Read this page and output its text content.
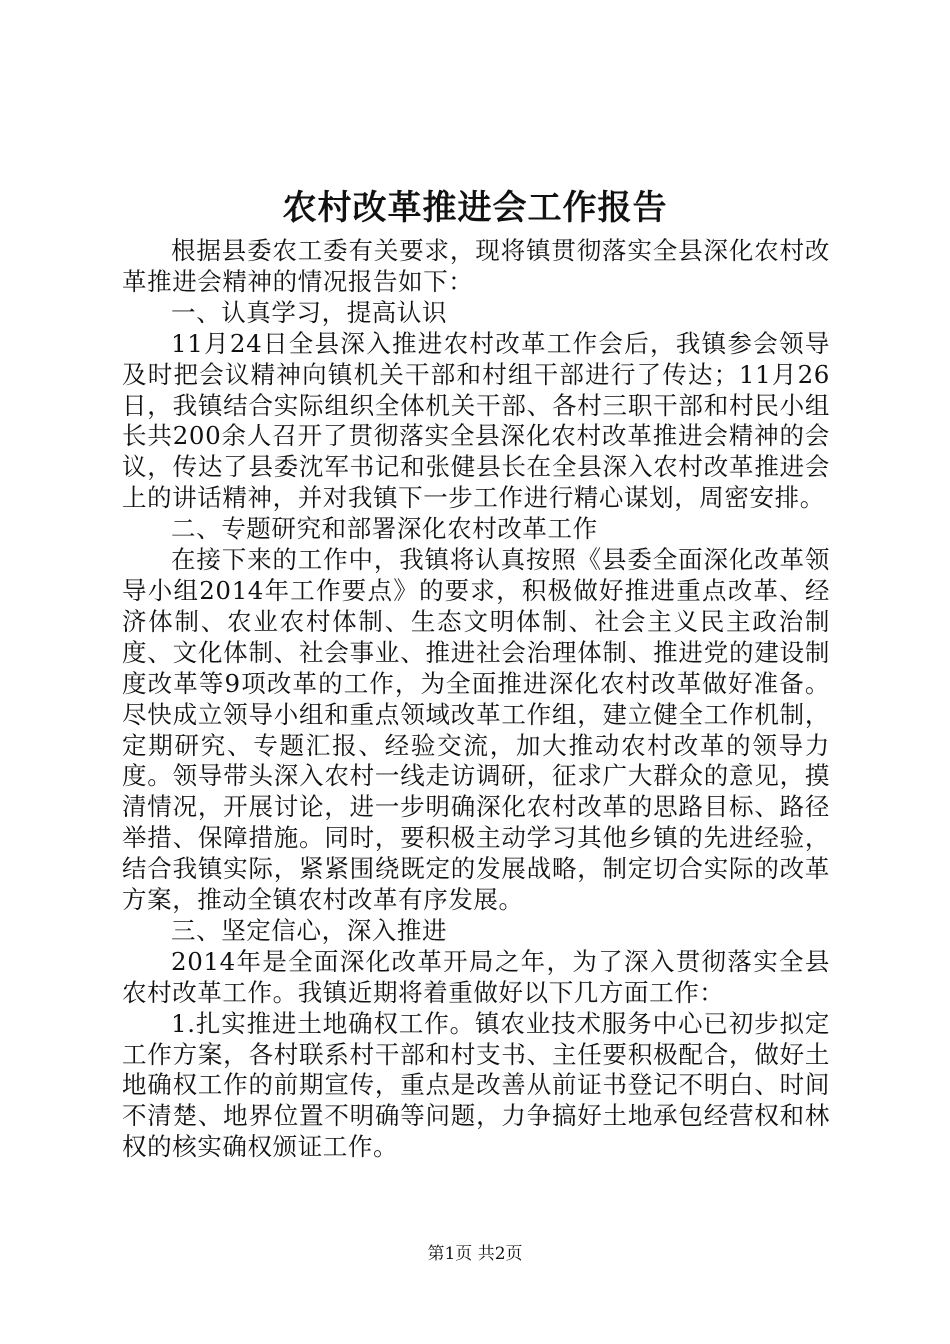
农村改革推进会工作报告

根据县委农工委有关要求，现将镇贯彻落实全县深化农村改革推进会精神的情况报告如下：

一、认真学习，提高认识

11月24日全县深入推进农村改革工作会后，我镇参会领导及时把会议精神向镇机关干部和村组干部进行了传达；11月26日，我镇结合实际组织全体机关干部、各村三职干部和村民小组长共200余人召开了贯彻落实全县深化农村改革推进会精神的会议，传达了县委沈军书记和张健县长在全县深入农村改革推进会上的讲话精神，并对我镇下一步工作进行精心谋划，周密安排。

二、专题研究和部署深化农村改革工作

在接下来的工作中，我镇将认真按照《县委全面深化改革领导小组2014年工作要点》的要求，积极做好推进重点改革、经济体制、农业农村体制、生态文明体制、社会主义民主政治制度、文化体制、社会事业、推进社会治理体制、推进党的建设制度改革等9项改革的工作，为全面推进深化农村改革做好准备。尽快成立领导小组和重点领域改革工作组，建立健全工作机制，定期研究、专题汇报、经验交流，加大推动农村改革的领导力度。领导带头深入农村一线走访调研，征求广大群众的意见，摸清情况，开展讨论，进一步明确深化农村改革的思路目标、路径举措、保障措施。同时，要积极主动学习其他乡镇的先进经验，结合我镇实际，紧紧围绕既定的发展战略，制定切合实际的改革方案，推动全镇农村改革有序发展。

三、坚定信心，深入推进

2014年是全面深化改革开局之年，为了深入贯彻落实全县农村改革工作。我镇近期将着重做好以下几方面工作：

1.扎实推进土地确权工作。镇农业技术服务中心已初步拟定工作方案，各村联系村干部和村支书、主任要积极配合，做好土地确权工作的前期宣传，重点是改善从前证书登记不明白、时间不清楚、地界位置不明确等问题，力争搞好土地承包经营权和林权的核实确权颁证工作。

第1页 共2页
